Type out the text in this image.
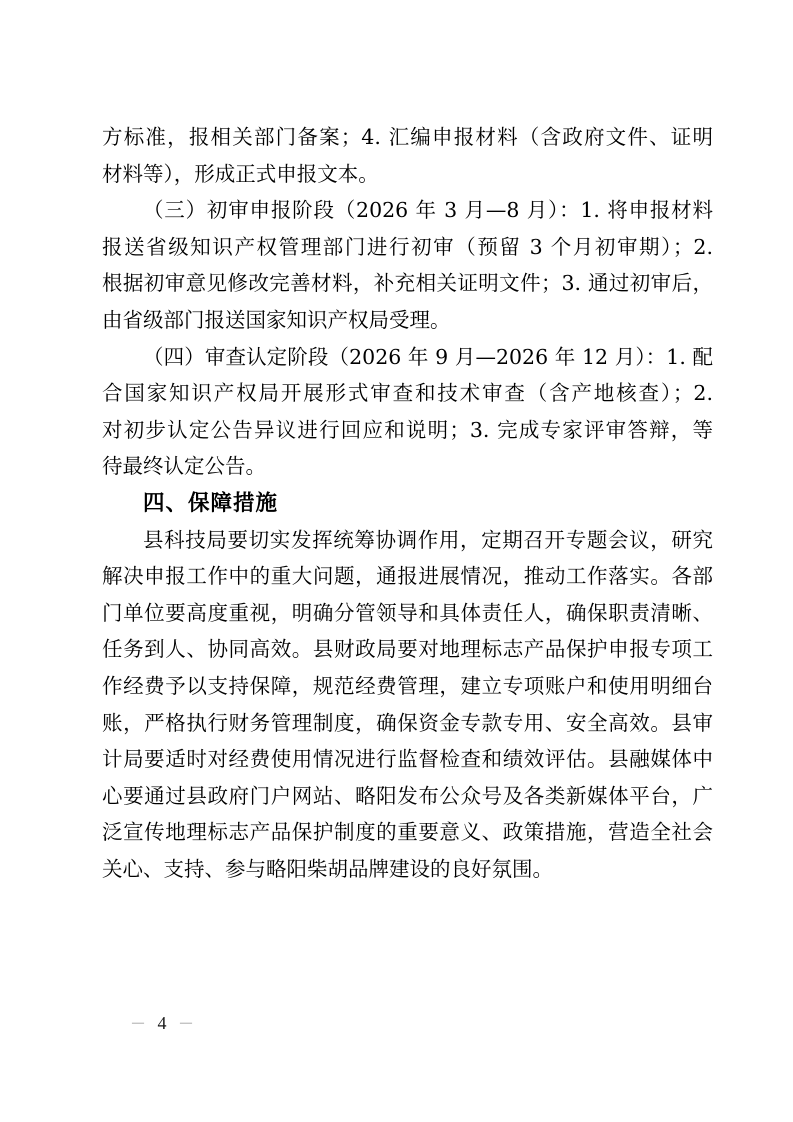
方标准，报相关部门备案；4. 汇编申报材料（含政府文件、证明
材料等），形成正式申报文本。
（三）初审申报阶段（2026 年 3 月—8 月）：1. 将申报材料
报送省级知识产权管理部门进行初审（预留 3 个月初审期）；2.
根据初审意见修改完善材料，补充相关证明文件；3. 通过初审后，
由省级部门报送国家知识产权局受理。
（四）审查认定阶段（2026 年 9 月—2026 年 12 月）：1. 配
合国家知识产权局开展形式审查和技术审查（含产地核查）；2.
对初步认定公告异议进行回应和说明；3. 完成专家评审答辩，等
待最终认定公告。
四、保障措施
县科技局要切实发挥统筹协调作用，定期召开专题会议，研究
解决申报工作中的重大问题，通报进展情况，推动工作落实。各部
门单位要高度重视，明确分管领导和具体责任人，确保职责清晰、
任务到人、协同高效。县财政局要对地理标志产品保护申报专项工
作经费予以支持保障，规范经费管理，建立专项账户和使用明细台
账，严格执行财务管理制度，确保资金专款专用、安全高效。县审
计局要适时对经费使用情况进行监督检查和绩效评估。县融媒体中
心要通过县政府门户网站、略阳发布公众号及各类新媒体平台，广
泛宣传地理标志产品保护制度的重要意义、政策措施，营造全社会
关心、支持、参与略阳柴胡品牌建设的良好氛围。
－ 4 －
